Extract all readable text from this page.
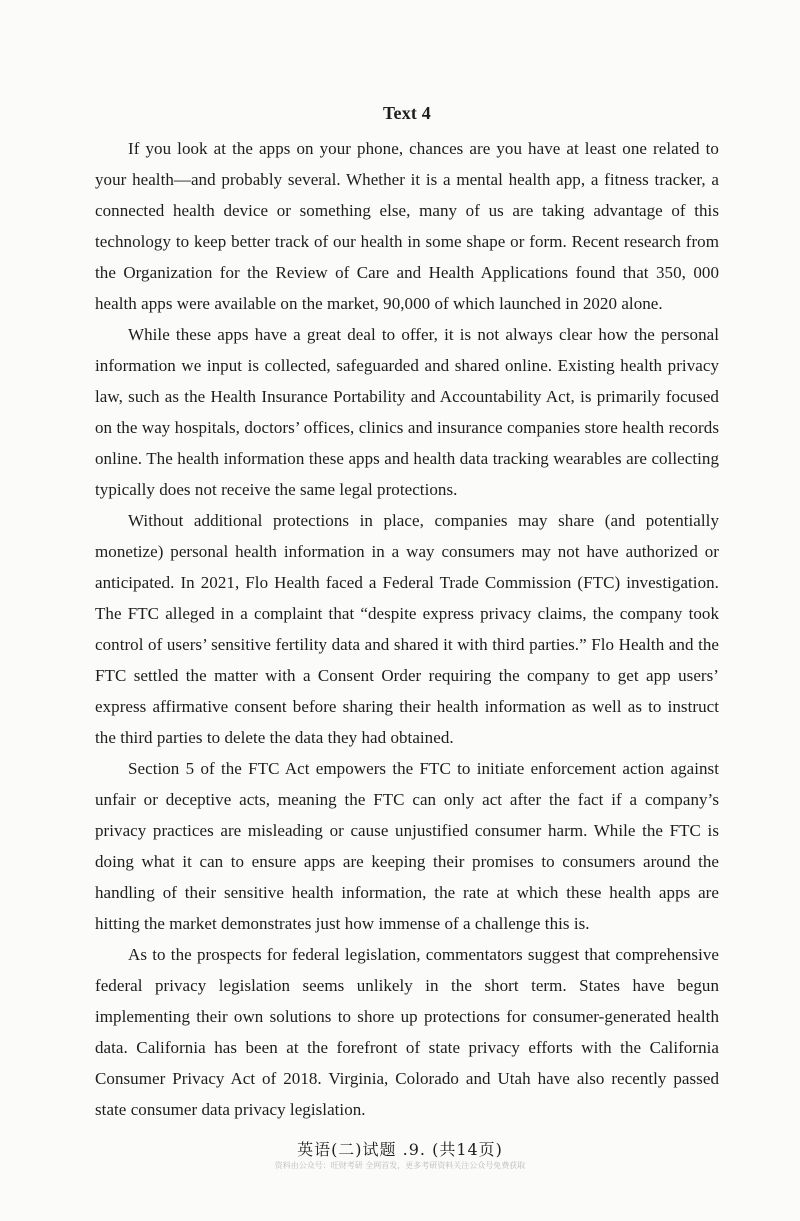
Text 4

If you look at the apps on your phone, chances are you have at least one related to your health—and probably several. Whether it is a mental health app, a fitness tracker, a connected health device or something else, many of us are taking advantage of this technology to keep better track of our health in some shape or form. Recent research from the Organization for the Review of Care and Health Applications found that 350, 000 health apps were available on the market, 90,000 of which launched in 2020 alone.

While these apps have a great deal to offer, it is not always clear how the personal information we input is collected, safeguarded and shared online. Existing health privacy law, such as the Health Insurance Portability and Accountability Act, is primarily focused on the way hospitals, doctors’ offices, clinics and insurance companies store health records online. The health information these apps and health data tracking wearables are collecting typically does not receive the same legal protections.

Without additional protections in place, companies may share (and potentially monetize) personal health information in a way consumers may not have authorized or anticipated. In 2021, Flo Health faced a Federal Trade Commission (FTC) investigation. The FTC alleged in a complaint that “despite express privacy claims, the company took control of users’ sensitive fertility data and shared it with third parties.” Flo Health and the FTC settled the matter with a Consent Order requiring the company to get app users’ express affirmative consent before sharing their health information as well as to instruct the third parties to delete the data they had obtained.

Section 5 of the FTC Act empowers the FTC to initiate enforcement action against unfair or deceptive acts, meaning the FTC can only act after the fact if a company’s privacy practices are misleading or cause unjustified consumer harm. While the FTC is doing what it can to ensure apps are keeping their promises to consumers around the handling of their sensitive health information, the rate at which these health apps are hitting the market demonstrates just how immense of a challenge this is.

As to the prospects for federal legislation, commentators suggest that comprehensive federal privacy legislation seems unlikely in the short term. States have begun implementing their own solutions to shore up protections for consumer-generated health data. California has been at the forefront of state privacy efforts with the California Consumer Privacy Act of 2018. Virginia, Colorado and Utah have also recently passed state consumer data privacy legislation.

英语(二)试题 .9. (共14页)
资料由公众号：旺财考研 全网首发，更多考研资料关注公众号免费获取
